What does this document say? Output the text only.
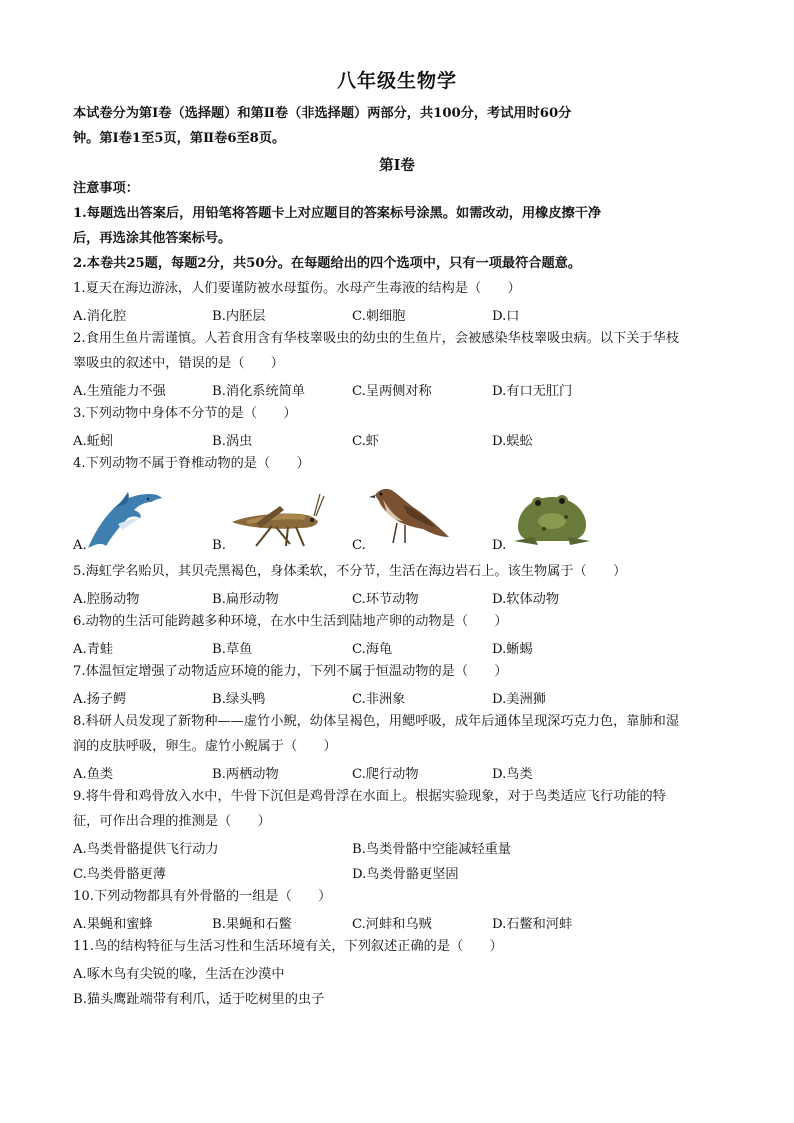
八年级生物学
本试卷分为第Ⅰ卷（选择题）和第Ⅱ卷（非选择题）两部分，共100分，考试用时60分
钟。第Ⅰ卷1至5页，第Ⅱ卷6至8页。
第Ⅰ卷
注意事项：
1.每题选出答案后，用铅笔将答题卡上对应题目的答案标号涂黑。如需改动，用橡皮擦干净
后，再选涂其他答案标号。
2.本卷共25题，每题2分，共50分。在每题给出的四个选项中，只有一项最符合题意。
1.夏天在海边游泳，人们要谨防被水母蜇伤。水母产生毒液的结构是（　　）
A.消化腔	B.内胚层	C.刺细胞	D.口
2.食用生鱼片需谨慎。人若食用含有华枝睾吸虫的幼虫的生鱼片，会被感染华枝睾吸虫病。以下关于华枝
睾吸虫的叙述中，错误的是（　　）
A.生殖能力不强	B.消化系统简单	C.呈两侧对称	D.有口无肛门
3.下列动物中身体不分节的是（　　）
A.蚯蚓	B.涡虫	C.虾	D.蜈蚣
4.下列动物不属于脊椎动物的是（　　）
A.	B.	C.	D.
5.海虹学名贻贝，其贝壳黑褐色，身体柔软，不分节，生活在海边岩石上。该生物属于（　　）
A.腔肠动物	B.扁形动物	C.环节动物	D.软体动物
6.动物的生活可能跨越多种环境，在水中生活到陆地产卵的动物是（　　）
A.青蛙	B.草鱼	C.海龟	D.蜥蜴
7.体温恒定增强了动物适应环境的能力，下列不属于恒温动物的是（　　）
A.扬子鳄	B.绿头鸭	C.非洲象	D.美洲狮
8.科研人员发现了新物种——虚竹小鲵，幼体呈褐色，用鳃呼吸，成年后通体呈现深巧克力色，靠肺和湿
润的皮肤呼吸，卵生。虚竹小鲵属于（　　）
A.鱼类	B.两栖动物	C.爬行动物	D.鸟类
9.将牛骨和鸡骨放入水中，牛骨下沉但是鸡骨浮在水面上。根据实验现象，对于鸟类适应飞行功能的特
征，可作出合理的推测是（　　）
A.鸟类骨骼提供飞行动力	B.鸟类骨骼中空能减轻重量
C.鸟类骨骼更薄	D.鸟类骨骼更坚固
10.下列动物都具有外骨骼的一组是（　　）
A.果蝇和蜜蜂	B.果蝇和石鳖	C.河蚌和乌贼	D.石鳖和河蚌
11.鸟的结构特征与生活习性和生活环境有关，下列叙述正确的是（　　）
A.啄木鸟有尖锐的喙，生活在沙漠中
B.猫头鹰趾端带有利爪，适于吃树里的虫子
